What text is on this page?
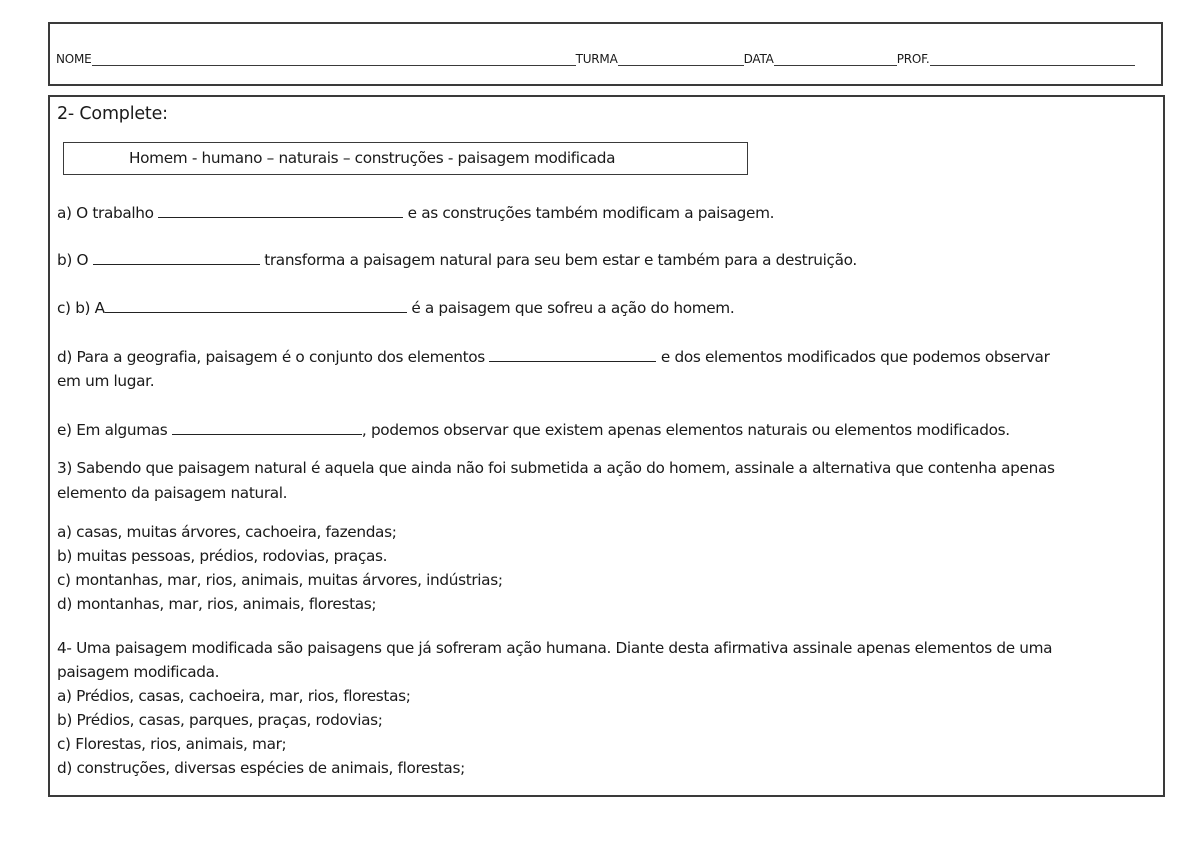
NOME	TURMA	DATA	PROF.
2- Complete:
Homem - humano – naturais – construções - paisagem modificada
a) O trabalho	e as construções também modificam a paisagem.
b) O	transforma a paisagem natural para seu bem estar e também para a destruição.
c) b) A	é a paisagem que sofreu a ação do homem.
d) Para a geografia, paisagem é o conjunto dos elementos	e dos elementos modificados que podemos observar
em um lugar.
e) Em algumas	, podemos observar que existem apenas elementos naturais ou elementos modificados.
3) Sabendo que paisagem natural é aquela que ainda não foi submetida a ação do homem, assinale a alternativa que contenha apenas
elemento da paisagem natural.
a) casas, muitas árvores, cachoeira, fazendas;
b) muitas pessoas, prédios, rodovias, praças.
c) montanhas, mar, rios, animais, muitas árvores, indústrias;
d) montanhas, mar, rios, animais, florestas;
4- Uma paisagem modificada são paisagens que já sofreram ação humana. Diante desta afirmativa assinale apenas elementos de uma
paisagem modificada.
a) Prédios, casas, cachoeira, mar, rios, florestas;
b) Prédios, casas, parques, praças, rodovias;
c) Florestas, rios, animais, mar;
d) construções, diversas espécies de animais, florestas;
